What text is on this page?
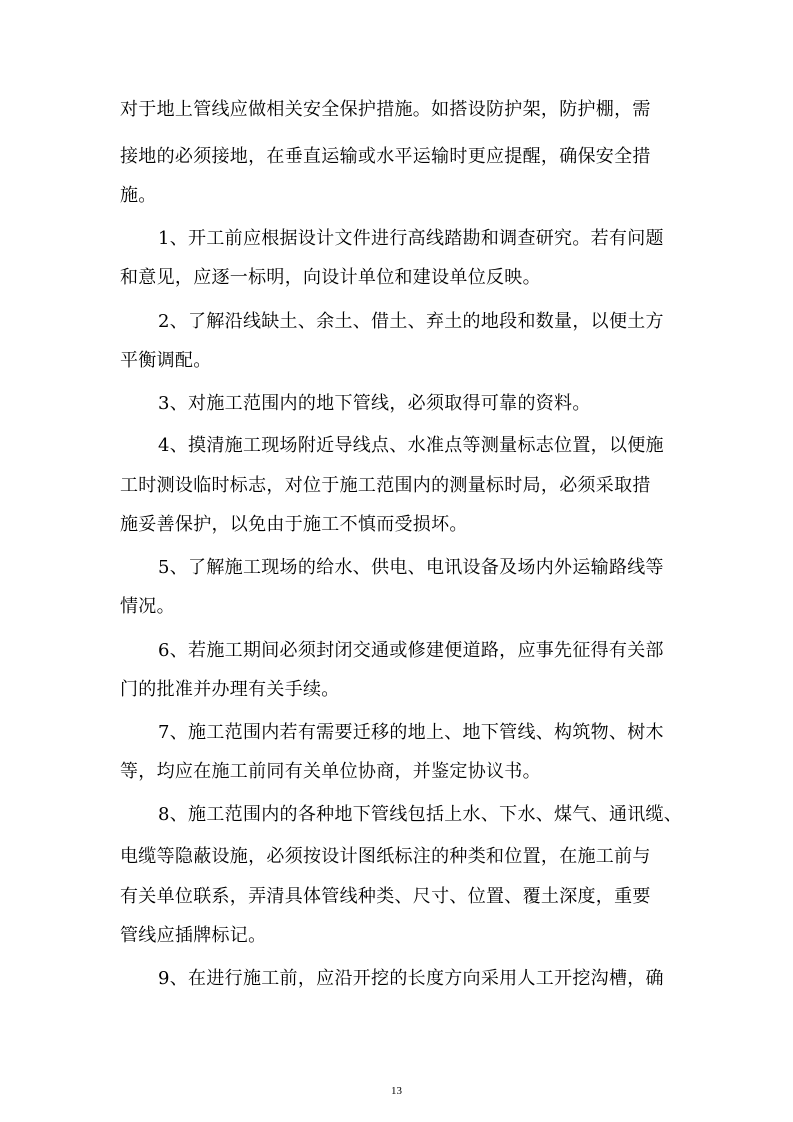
对于地上管线应做相关安全保护措施。如搭设防护架，防护棚，需
接地的必须接地，在垂直运输或水平运输时更应提醒，确保安全措
施。
1、开工前应根据设计文件进行高线踏勘和调查研究。若有问题
和意见，应逐一标明，向设计单位和建设单位反映。
2、了解沿线缺土、余土、借土、弃土的地段和数量，以便土方
平衡调配。
3、对施工范围内的地下管线，必须取得可靠的资料。
4、摸清施工现场附近导线点、水准点等测量标志位置，以便施
工时测设临时标志，对位于施工范围内的测量标时局，必须采取措
施妥善保护，以免由于施工不慎而受损坏。
5、了解施工现场的给水、供电、电讯设备及场内外运输路线等
情况。
6、若施工期间必须封闭交通或修建便道路，应事先征得有关部
门的批准并办理有关手续。
7、施工范围内若有需要迁移的地上、地下管线、构筑物、树木
等，均应在施工前同有关单位协商，并鉴定协议书。
8、施工范围内的各种地下管线包括上水、下水、煤气、通讯缆、
电缆等隐蔽设施，必须按设计图纸标注的种类和位置，在施工前与
有关单位联系，弄清具体管线种类、尺寸、位置、覆土深度，重要
管线应插牌标记。
9、在进行施工前，应沿开挖的长度方向采用人工开挖沟槽，确
13
